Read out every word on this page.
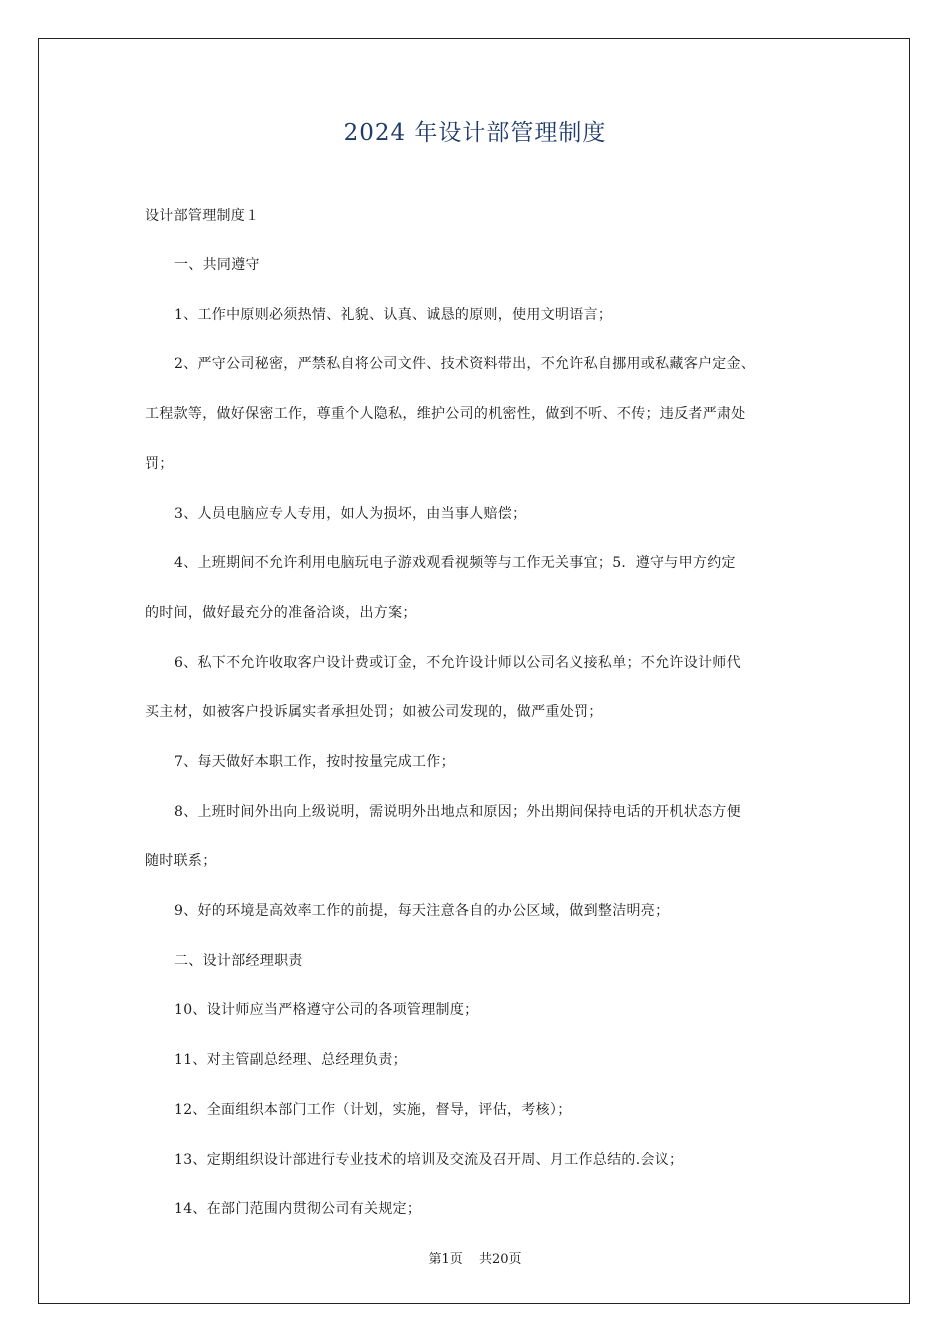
2024 年设计部管理制度
设计部管理制度１
一、共同遵守
1、工作中原则必须热情、礼貌、认真、诚恳的原则，使用文明语言；
2、严守公司秘密，严禁私自将公司文件、技术资料带出，不允许私自挪用或私藏客户定金、
工程款等，做好保密工作，尊重个人隐私，维护公司的机密性，做到不听、不传；违反者严肃处
罚；
3、人员电脑应专人专用，如人为损坏，由当事人赔偿；
4、上班期间不允许利用电脑玩电子游戏观看视频等与工作无关事宜；5．遵守与甲方约定
的时间，做好最充分的准备洽谈，出方案；
6、私下不允许收取客户设计费或订金，不允许设计师以公司名义接私单；不允许设计师代
买主材，如被客户投诉属实者承担处罚；如被公司发现的，做严重处罚；
7、每天做好本职工作，按时按量完成工作；
8、上班时间外出向上级说明，需说明外出地点和原因；外出期间保持电话的开机状态方便
随时联系；
9、好的环境是高效率工作的前提，每天注意各自的办公区域，做到整洁明亮；
二、设计部经理职责
10、设计师应当严格遵守公司的各项管理制度；
11、对主管副总经理、总经理负责；
12、全面组织本部门工作（计划，实施，督导，评估，考核）；
13、定期组织设计部进行专业技术的培训及交流及召开周、月工作总结的.会议；
14、在部门范围内贯彻公司有关规定；
第1页 共20页
